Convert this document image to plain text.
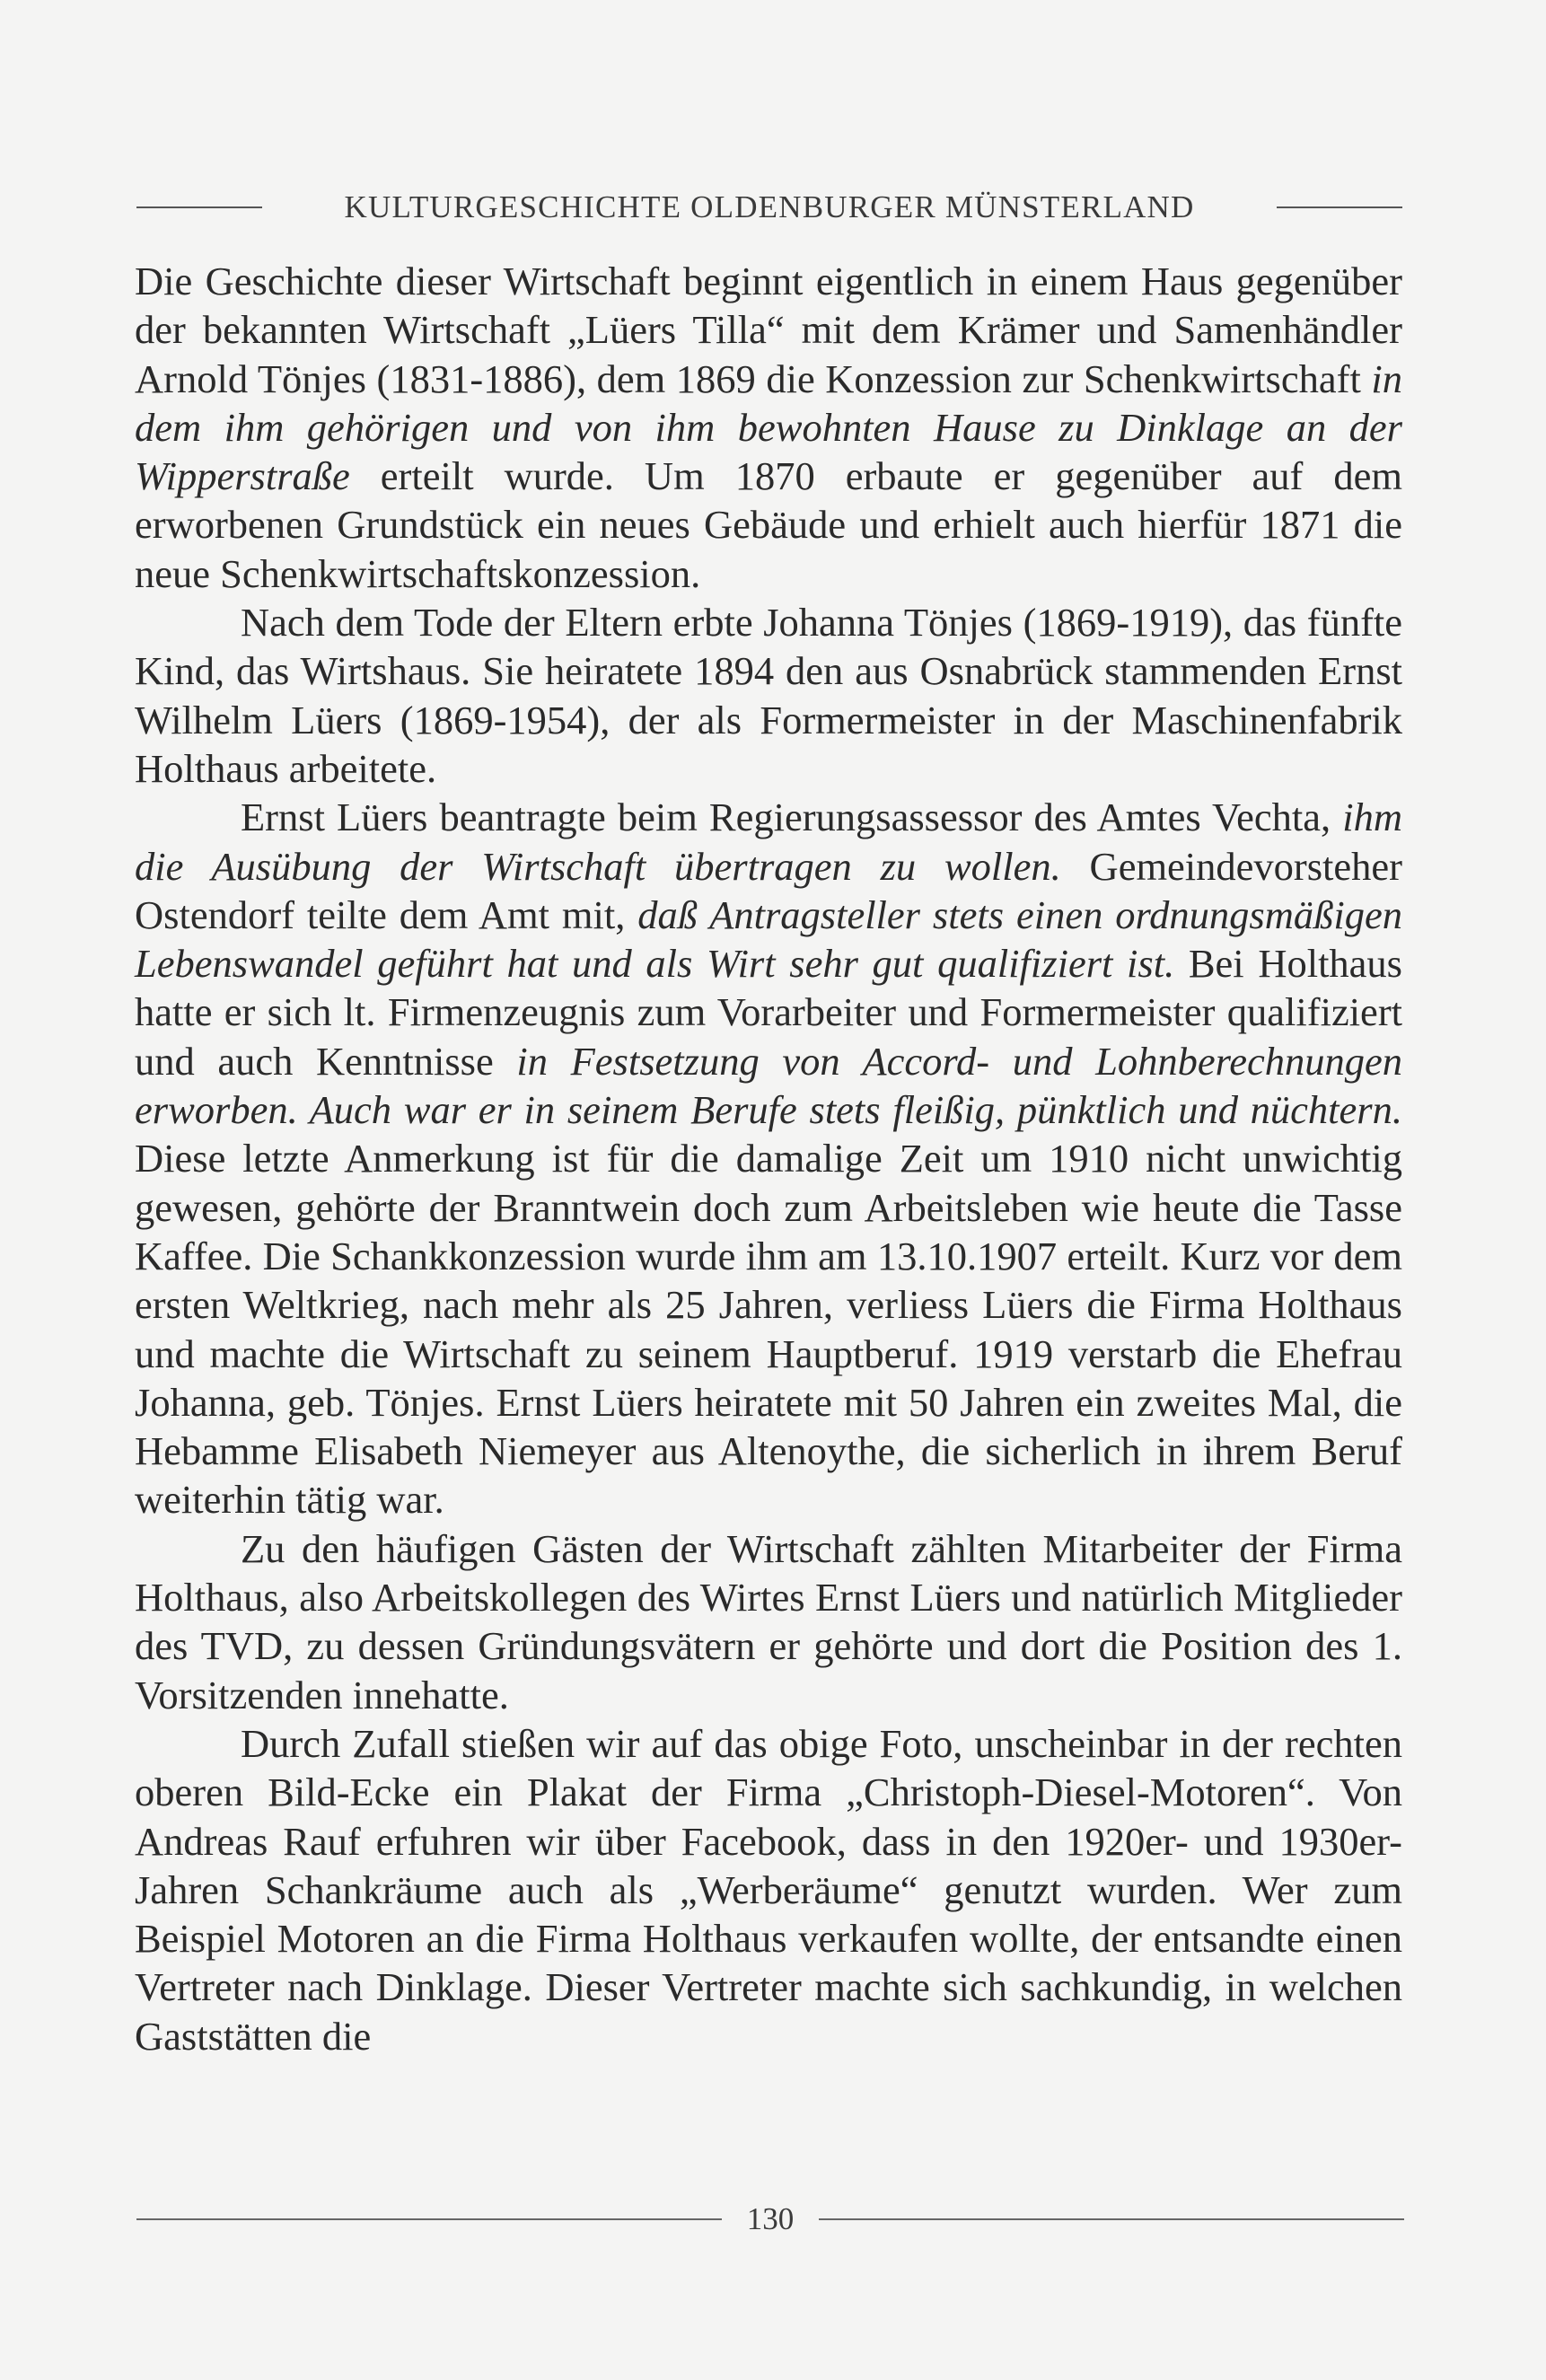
KULTURGESCHICHTE OLDENBURGER MÜNSTERLAND

Die Geschichte dieser Wirtschaft beginnt eigentlich in einem Haus gegenüber der bekannten Wirtschaft „Lüers Tilla“ mit dem Krämer und Samenhändler Arnold Tönjes (1831-1886), dem 1869 die Konzession zur Schenkwirtschaft in dem ihm gehörigen und von ihm bewohnten Hause zu Dinklage an der Wipperstraße erteilt wurde. Um 1870 erbaute er gegenüber auf dem erworbenen Grundstück ein neues Gebäude und erhielt auch hierfür 1871 die neue Schenkwirtschaftskonzession.

Nach dem Tode der Eltern erbte Johanna Tönjes (1869-1919), das fünfte Kind, das Wirtshaus. Sie heiratete 1894 den aus Osnabrück stammenden Ernst Wilhelm Lüers (1869-1954), der als Formermeister in der Maschinenfabrik Holthaus arbeitete.

Ernst Lüers beantragte beim Regierungsassessor des Amtes Vechta, ihm die Ausübung der Wirtschaft übertragen zu wollen. Gemeindevorsteher Ostendorf teilte dem Amt mit, daß Antragsteller stets einen ordnungsmäßigen Lebenswandel geführt hat und als Wirt sehr gut qualifiziert ist. Bei Holthaus hatte er sich lt. Firmenzeugnis zum Vorarbeiter und Formermeister qualifiziert und auch Kenntnisse in Festsetzung von Accord- und Lohnberechnungen erworben. Auch war er in seinem Berufe stets fleißig, pünktlich und nüchtern. Diese letzte Anmerkung ist für die damalige Zeit um 1910 nicht unwichtig gewesen, gehörte der Branntwein doch zum Arbeitsleben wie heute die Tasse Kaffee. Die Schankkonzession wurde ihm am 13.10.1907 erteilt. Kurz vor dem ersten Weltkrieg, nach mehr als 25 Jahren, verliess Lüers die Firma Holthaus und machte die Wirtschaft zu seinem Hauptberuf. 1919 verstarb die Ehefrau Johanna, geb. Tönjes. Ernst Lüers heiratete mit 50 Jahren ein zweites Mal, die Hebamme Elisabeth Niemeyer aus Altenoythe, die sicherlich in ihrem Beruf weiterhin tätig war.

Zu den häufigen Gästen der Wirtschaft zählten Mitarbeiter der Firma Holthaus, also Arbeitskollegen des Wirtes Ernst Lüers und natürlich Mitglieder des TVD, zu dessen Gründungsvätern er gehörte und dort die Position des 1. Vorsitzenden innehatte.

Durch Zufall stießen wir auf das obige Foto, unscheinbar in der rechten oberen Bild-Ecke ein Plakat der Firma „Christoph-Diesel-Motoren“. Von Andreas Rauf erfuhren wir über Facebook, dass in den 1920er- und 1930er-Jahren Schankräume auch als „Werberäume“ genutzt wurden. Wer zum Beispiel Motoren an die Firma Holthaus verkaufen wollte, der entsandte einen Vertreter nach Dinklage. Dieser Vertreter machte sich sachkundig, in welchen Gaststätten die

130
